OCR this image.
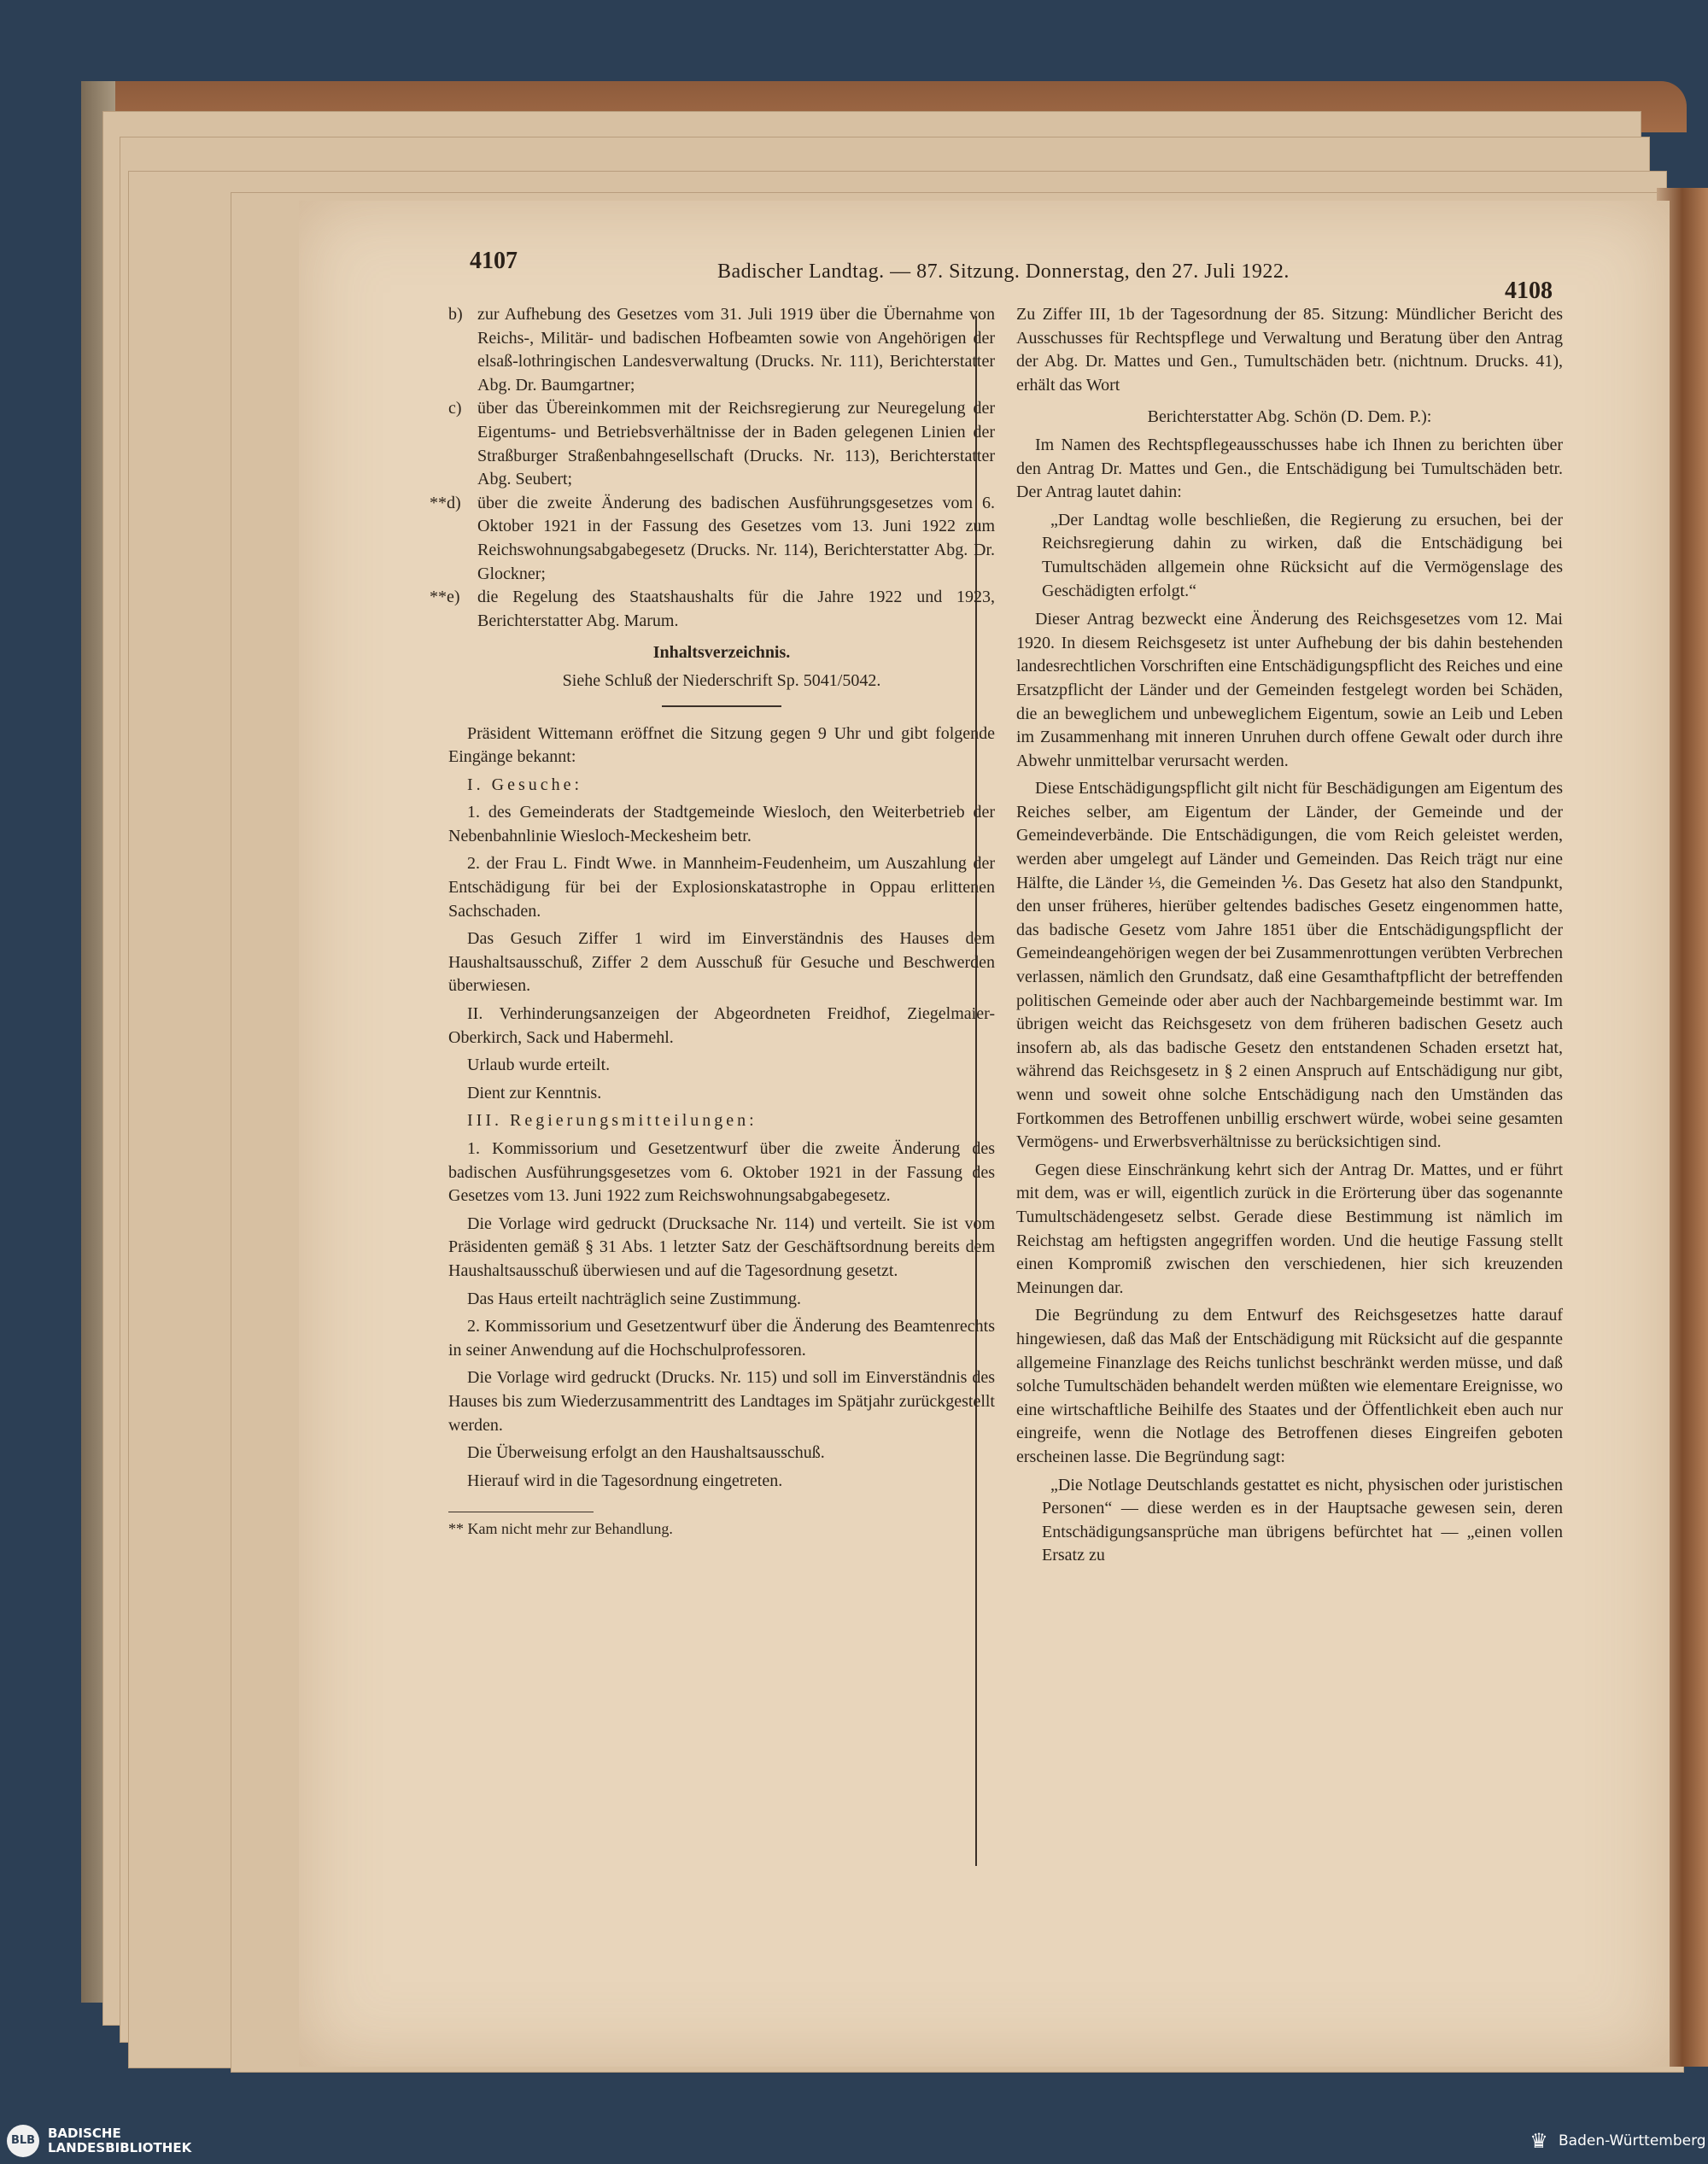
4107	Badischer Landtag. — 87. Sitzung. Donnerstag, den 27. Juli 1922.
4108
b) zur Aufhebung des Gesetzes vom 31. Juli 1919 über die Übernahme von Reichs-, Militär- und badischen Hofbeamten sowie von Angehörigen der elsaß-lothringischen Landesverwaltung (Drucks. Nr. 111), Berichterstatter Abg. Dr. Baumgartner;
c) über das Übereinkommen mit der Reichsregierung zur Neuregelung der Eigentums- und Betriebsverhältnisse der in Baden gelegenen Linien der Straßburger Straßenbahngesellschaft (Drucks. Nr. 113), Berichterstatter Abg. Seubert;
**d) über die zweite Änderung des badischen Ausführungsgesetzes vom 6. Oktober 1921 in der Fassung des Gesetzes vom 13. Juni 1922 zum Reichswohnungsabgabegesetz (Drucks. Nr. 114), Berichterstatter Abg. Dr. Glockner;
**e) die Regelung des Staatshaushalts für die Jahre 1922 und 1923, Berichterstatter Abg. Marum.

Inhaltsverzeichnis.

Siehe Schluß der Niederschrift Sp. 5041/5042.

Präsident Wittemann eröffnet die Sitzung gegen 9 Uhr und gibt folgende Eingänge bekannt:

I. Gesuche:

1. des Gemeinderats der Stadtgemeinde Wiesloch, den Weiterbetrieb der Nebenbahnlinie Wiesloch-Meckesheim betr.

2. der Frau L. Findt Wwe. in Mannheim-Feudenheim, um Auszahlung der Entschädigung für bei der Explosionskatastrophe in Oppau erlittenen Sachschaden.

Das Gesuch Ziffer 1 wird im Einverständnis des Hauses dem Haushaltsausschuß, Ziffer 2 dem Ausschuß für Gesuche und Beschwerden überwiesen.

II. Verhinderungsanzeigen der Abgeordneten Freidhof, Ziegelmaier-Oberkirch, Sack und Habermehl.

Urlaub wurde erteilt.

Dient zur Kenntnis.

III. Regierungsmitteilungen:

1. Kommissorium und Gesetzentwurf über die zweite Änderung des badischen Ausführungsgesetzes vom 6. Oktober 1921 in der Fassung des Gesetzes vom 13. Juni 1922 zum Reichswohnungsabgabegesetz.

Die Vorlage wird gedruckt (Drucksache Nr. 114) und verteilt. Sie ist vom Präsidenten gemäß § 31 Abs. 1 letzter Satz der Geschäftsordnung bereits dem Haushaltsausschuß überwiesen und auf die Tagesordnung gesetzt.

Das Haus erteilt nachträglich seine Zustimmung.

2. Kommissorium und Gesetzentwurf über die Änderung des Beamtenrechts in seiner Anwendung auf die Hochschulprofessoren.

Die Vorlage wird gedruckt (Drucks. Nr. 115) und soll im Einverständnis des Hauses bis zum Wiederzusammentritt des Landtages im Spätjahr zurückgestellt werden.

Die Überweisung erfolgt an den Haushaltsausschuß.

Hierauf wird in die Tagesordnung eingetreten.

** Kam nicht mehr zur Behandlung.

Zu Ziffer III, 1b der Tagesordnung der 85. Sitzung: Mündlicher Bericht des Ausschusses für Rechtspflege und Verwaltung und Beratung über den Antrag der Abg. Dr. Mattes und Gen., Tumultschäden betr. (nichtnum. Drucks. 41), erhält das Wort

Berichterstatter Abg. Schön (D. Dem. P.):

Im Namen des Rechtspflegeausschusses habe ich Ihnen zu berichten über den Antrag Dr. Mattes und Gen., die Entschädigung bei Tumultschäden betr. Der Antrag lautet dahin:

„Der Landtag wolle beschließen, die Regierung zu ersuchen, bei der Reichsregierung dahin zu wirken, daß die Entschädigung bei Tumultschäden allgemein ohne Rücksicht auf die Vermögenslage des Geschädigten erfolgt.“

Dieser Antrag bezweckt eine Änderung des Reichsgesetzes vom 12. Mai 1920. In diesem Reichsgesetz ist unter Aufhebung der bis dahin bestehenden landesrechtlichen Vorschriften eine Entschädigungspflicht des Reiches und eine Ersatzpflicht der Länder und der Gemeinden festgelegt worden bei Schäden, die an beweglichem und unbeweglichem Eigentum, sowie an Leib und Leben im Zusammenhang mit inneren Unruhen durch offene Gewalt oder durch ihre Abwehr unmittelbar verursacht werden.

Diese Entschädigungspflicht gilt nicht für Beschädigungen am Eigentum des Reiches selber, am Eigentum der Länder, der Gemeinde und der Gemeindeverbände. Die Entschädigungen, die vom Reich geleistet werden, werden aber umgelegt auf Länder und Gemeinden. Das Reich trägt nur eine Hälfte, die Länder ⅓, die Gemeinden ⅙. Das Gesetz hat also den Standpunkt, den unser früheres, hierüber geltendes badisches Gesetz eingenommen hatte, das badische Gesetz vom Jahre 1851 über die Entschädigungspflicht der Gemeindeangehörigen wegen der bei Zusammenrottungen verübten Verbrechen verlassen, nämlich den Grundsatz, daß eine Gesamthaftpflicht der betreffenden politischen Gemeinde oder aber auch der Nachbargemeinde bestimmt war. Im übrigen weicht das Reichsgesetz von dem früheren badischen Gesetz auch insofern ab, als das badische Gesetz den entstandenen Schaden ersetzt hat, während das Reichsgesetz in § 2 einen Anspruch auf Entschädigung nur gibt, wenn und soweit ohne solche Entschädigung nach den Umständen das Fortkommen des Betroffenen unbillig erschwert würde, wobei seine gesamten Vermögens- und Erwerbsverhältnisse zu berücksichtigen sind.

Gegen diese Einschränkung kehrt sich der Antrag Dr. Mattes, und er führt mit dem, was er will, eigentlich zurück in die Erörterung über das sogenannte Tumultschädengesetz selbst. Gerade diese Bestimmung ist nämlich im Reichstag am heftigsten angegriffen worden. Und die heutige Fassung stellt einen Kompromiß zwischen den verschiedenen, hier sich kreuzenden Meinungen dar.

Die Begründung zu dem Entwurf des Reichsgesetzes hatte darauf hingewiesen, daß das Maß der Entschädigung mit Rücksicht auf die gespannte allgemeine Finanzlage des Reichs tunlichst beschränkt werden müsse, und daß solche Tumultschäden behandelt werden müßten wie elementare Ereignisse, wo eine wirtschaftliche Beihilfe des Staates und der Öffentlichkeit eben auch nur eingreife, wenn die Notlage des Betroffenen dieses Eingreifen geboten erscheinen lasse. Die Begründung sagt:

„Die Notlage Deutschlands gestattet es nicht, physischen oder juristischen Personen“ — diese werden es in der Hauptsache gewesen sein, deren Entschädigungsansprüche man übrigens befürchtet hat — „einen vollen Ersatz zu

BLB BADISCHE
LANDESBIBLIOTHEK	♛ Baden-Württemberg
